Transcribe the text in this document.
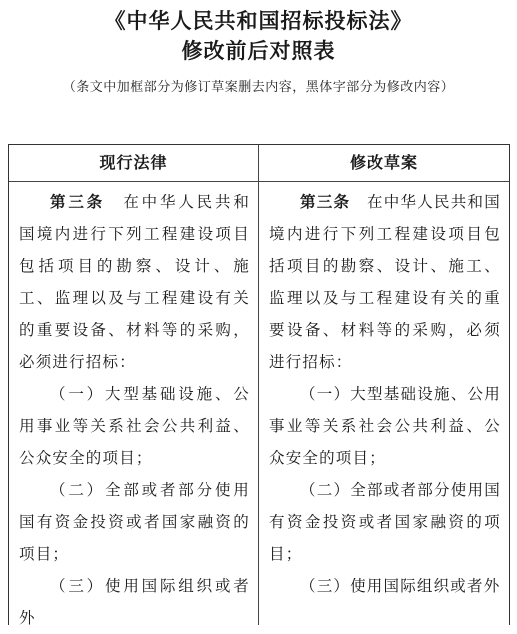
《中华人民共和国招标投标法》
修改前后对照表
（条文中加框部分为修订草案删去内容，黑体字部分为修改内容）
现行法律

第三条　 在中华人民共和国境内进行下列工程建设项目包括项目的勘察、设计、施工、监理以及与工程建设有关的重要设备、材料等的采购，必须进行招标：

（一）大型基础设施、公用事业等关系社会公共利益、公众安全的项目；

（二）全部或者部分使用国有资金投资或者国家融资的项目；

（三）使用国际组织或者外

修改草案

第三条　 在中华人民共和国境内进行下列工程建设项目包括项目的勘察、设计、施工、监理以及与工程建设有关的重要设备、材料等的采购，必须进行招标：

（一）大型基础设施、公用事业等关系社会公共利益、公众安全的项目；

（二）全部或者部分使用国有资金投资或者国家融资的项目；

（三）使用国际组织或者外
